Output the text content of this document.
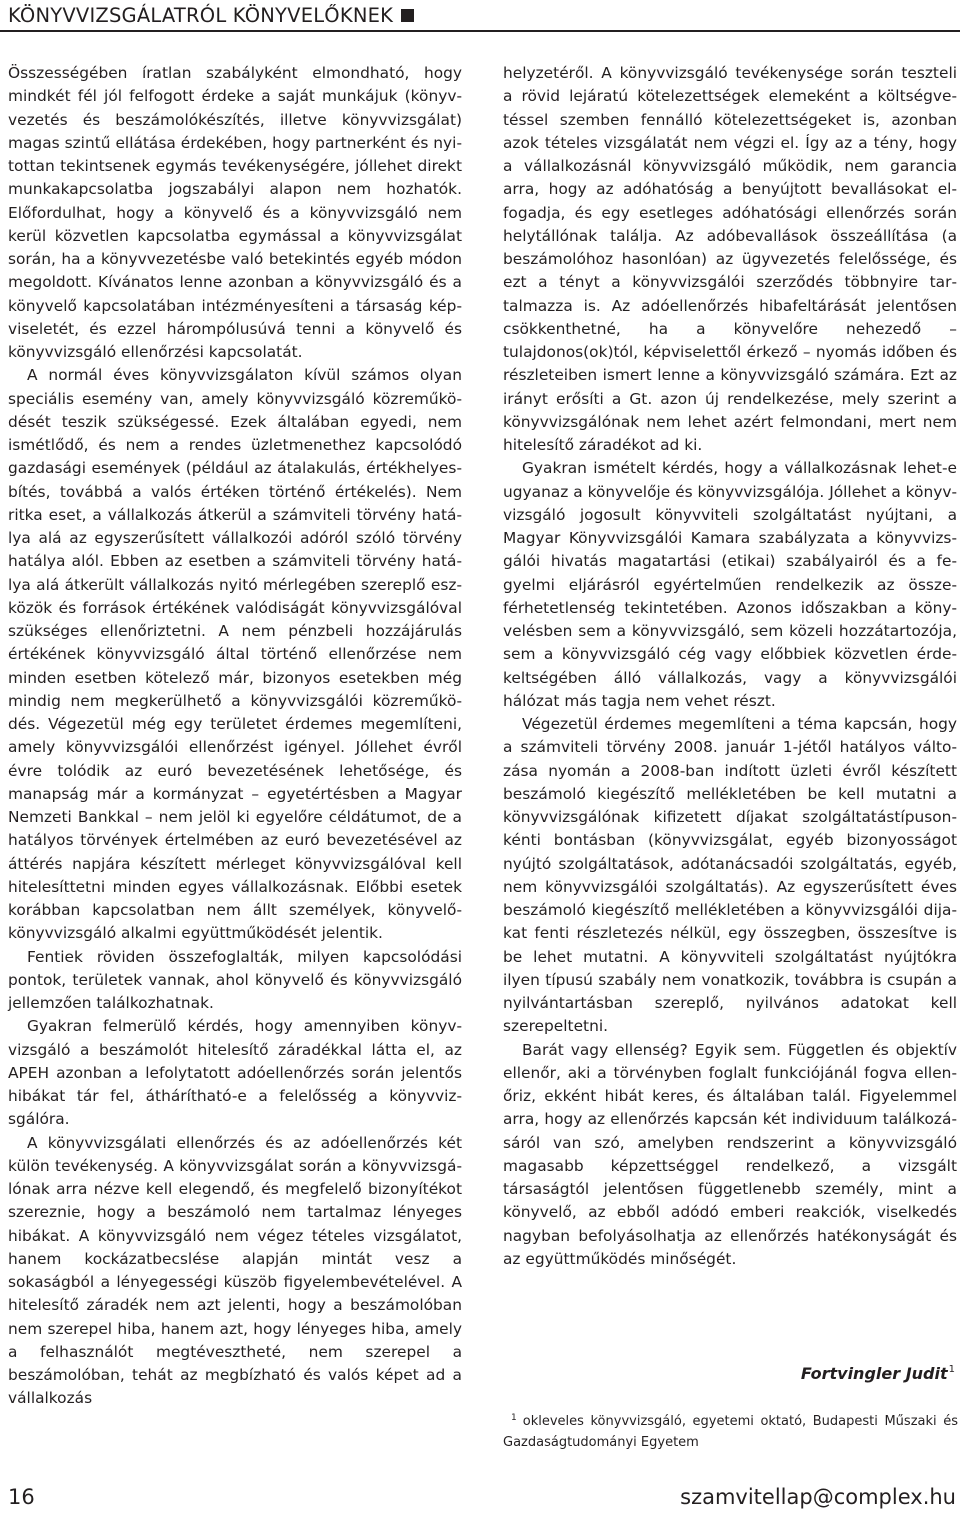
KÖNYVVIZSGÁLATRÓL KÖNYVELŐKNEK

Összességében íratlan szabályként elmondható, hogy mindkét fél jól felfogott érdeke a saját munkájuk (könyvvezetés és beszámolókészítés, illetve könyvvizsgálat) magas szintű ellátása érdekében, hogy partnerként és nyitottan tekintsenek egymás tevékenységére, jóllehet direkt munkakapcsolatba jogszabályi alapon nem hozhatók. Előfordulhat, hogy a könyvelő és a könyvvizsgáló nem kerül közvetlen kapcsolatba egymással a könyvvizsgálat során, ha a könyvvezetésbe való betekintés egyéb módon megoldott. Kívánatos lenne azonban a könyvvizsgáló és a könyvelő kapcsolatában intézményesíteni a társaság képviseletét, és ezzel hárompólusúvá tenni a könyvelő és könyvvizsgáló ellenőrzési kapcsolatát.

A normál éves könyvvizsgálaton kívül számos olyan speciális esemény van, amely könyvvizsgáló közreműködését teszik szükségessé. Ezek általában egyedi, nem ismétlődő, és nem a rendes üzletmenethez kapcsolódó gazdasági események (például az átalakulás, értékhelyesbítés, továbbá a valós értéken történő értékelés). Nem ritka eset, a vállalkozás átkerül a számviteli törvény hatálya alá az egyszerűsített vállalkozói adóról szóló törvény hatálya alól. Ebben az esetben a számviteli törvény hatálya alá átkerült vállalkozás nyitó mérlegében szereplő eszközök és források értékének valódiságát könyvvizsgálóval szükséges ellenőriztetni. A nem pénzbeli hozzájárulás értékének könyvvizsgáló által történő ellenőrzése nem minden esetben kötelező már, bizonyos esetekben még mindig nem megkerülhető a könyvvizsgálói közreműködés. Végezetül még egy területet érdemes megemlíteni, amely könyvvizsgálói ellenőrzést igényel. Jóllehet évről évre tolódik az euró bevezetésének lehetősége, és manapság már a kormányzat – egyetértésben a Magyar Nemzeti Bankkal – nem jelöl ki egyelőre céldátumot, de a hatályos törvények értelmében az euró bevezetésével az áttérés napjára készített mérleget könyvvizsgálóval kell hitelesíttetni minden egyes vállalkozásnak. Előbbi esetek korábban kapcsolatban nem állt személyek, könyvelő-könyvvizsgáló alkalmi együttműködését jelentik.

Fentiek röviden összefoglalták, milyen kapcsolódási pontok, területek vannak, ahol könyvelő és könyvvizsgáló jellemzően találkozhatnak.

Gyakran felmerülő kérdés, hogy amennyiben könyvvizsgáló a beszámolót hitelesítő záradékkal látta el, az APEH azonban a lefolytatott adóellenőrzés során jelentős hibákat tár fel, áthárítható-e a felelősség a könyvvizsgálóra.

A könyvvizsgálati ellenőrzés és az adóellenőrzés két külön tevékenység. A könyvvizsgálat során a könyvvizsgálónak arra nézve kell elegendő, és megfelelő bizonyítékot szereznie, hogy a beszámoló nem tartalmaz lényeges hibákat. A könyvvizsgáló nem végez tételes vizsgálatot, hanem kockázatbecslése alapján mintát vesz a sokaságból a lényegességi küszöb figyelembevételével. A hitelesítő záradék nem azt jelenti, hogy a beszámolóban nem szerepel hiba, hanem azt, hogy lényeges hiba, amely a felhasználót megtévesztheté, nem szerepel a beszámolóban, tehát az megbízható és valós képet ad a vállalkozás

helyzetéről. A könyvvizsgáló tevékenysége során teszteli a rövid lejáratú kötelezettségek elemeként a költségvetéssel szemben fennálló kötelezettségeket is, azonban azok tételes vizsgálatát nem végzi el. Így az a tény, hogy a vállalkozásnál könyvvizsgáló működik, nem garancia arra, hogy az adóhatóság a benyújtott bevallásokat elfogadja, és egy esetleges adóhatósági ellenőrzés során helytállónak találja. Az adóbevallások összeállítása (a beszámolóhoz hasonlóan) az ügyvezetés felelőssége, és ezt a tényt a könyvvizsgálói szerződés többnyire tartalmazza is. Az adóellenőrzés hibafeltárását jelentősen csökkenthetné, ha a könyvelőre nehezedő – tulajdonos(ok)tól, képviselettől érkező – nyomás időben és részleteiben ismert lenne a könyvvizsgáló számára. Ezt az irányt erősíti a Gt. azon új rendelkezése, mely szerint a könyvvizsgálónak nem lehet azért felmondani, mert nem hitelesítő záradékot ad ki.

Gyakran ismételt kérdés, hogy a vállalkozásnak lehet-e ugyanaz a könyvelője és könyvvizsgálója. Jóllehet a könyvvizsgáló jogosult könyvviteli szolgáltatást nyújtani, a Magyar Könyvvizsgálói Kamara szabályzata a könyvvizsgálói hivatás magatartási (etikai) szabályairól és a fegyelmi eljárásról egyértelműen rendelkezik az összeférhetetlenség tekintetében. Azonos időszakban a könyvelésben sem a könyvvizsgáló, sem közeli hozzátartozója, sem a könyvvizsgáló cég vagy előbbiek közvetlen érdekeltségében álló vállalkozás, vagy a könyvvizsgálói hálózat más tagja nem vehet részt.

Végezetül érdemes megemlíteni a téma kapcsán, hogy a számviteli törvény 2008. január 1-jétől hatályos változása nyomán a 2008-ban indított üzleti évről készített beszámoló kiegészítő mellékletében be kell mutatni a könyvvizsgálónak kifizetett díjakat szolgáltatástípusonkénti bontásban (könyvvizsgálat, egyéb bizonyosságot nyújtó szolgáltatások, adótanácsadói szolgáltatás, egyéb, nem könyvvizsgálói szolgáltatás). Az egyszerűsített éves beszámoló kiegészítő mellékletében a könyvvizsgálói dijakat fenti részletezés nélkül, egy összegben, összesítve is be lehet mutatni. A könyvviteli szolgáltatást nyújtókra ilyen típusú szabály nem vonatkozik, továbbra is csupán a nyilvántartásban szereplő, nyilvános adatokat kell szerepeltetni.

Barát vagy ellenség? Egyik sem. Független és objektív ellenőr, aki a törvényben foglalt funkciójánál fogva ellenőriz, ekként hibát keres, és általában talál. Figyelemmel arra, hogy az ellenőrzés kapcsán két individuum találkozásáról van szó, amelyben rendszerint a könyvvizsgáló magasabb képzettséggel rendelkező, a vizsgált társaságtól jelentősen függetlenebb személy, mint a könyvelő, az ebből adódó emberi reakciók, viselkedés nagyban befolyásolhatja az ellenőrzés hatékonyságát és az együttműködés minőségét.

Fortvingler Judit$^1$
$^1$ okleveles könyvvizsgáló, egyetemi oktató, Budapesti Műszaki és Gazdaságtudományi Egyetem
16	szamvitellap@complex.hu
